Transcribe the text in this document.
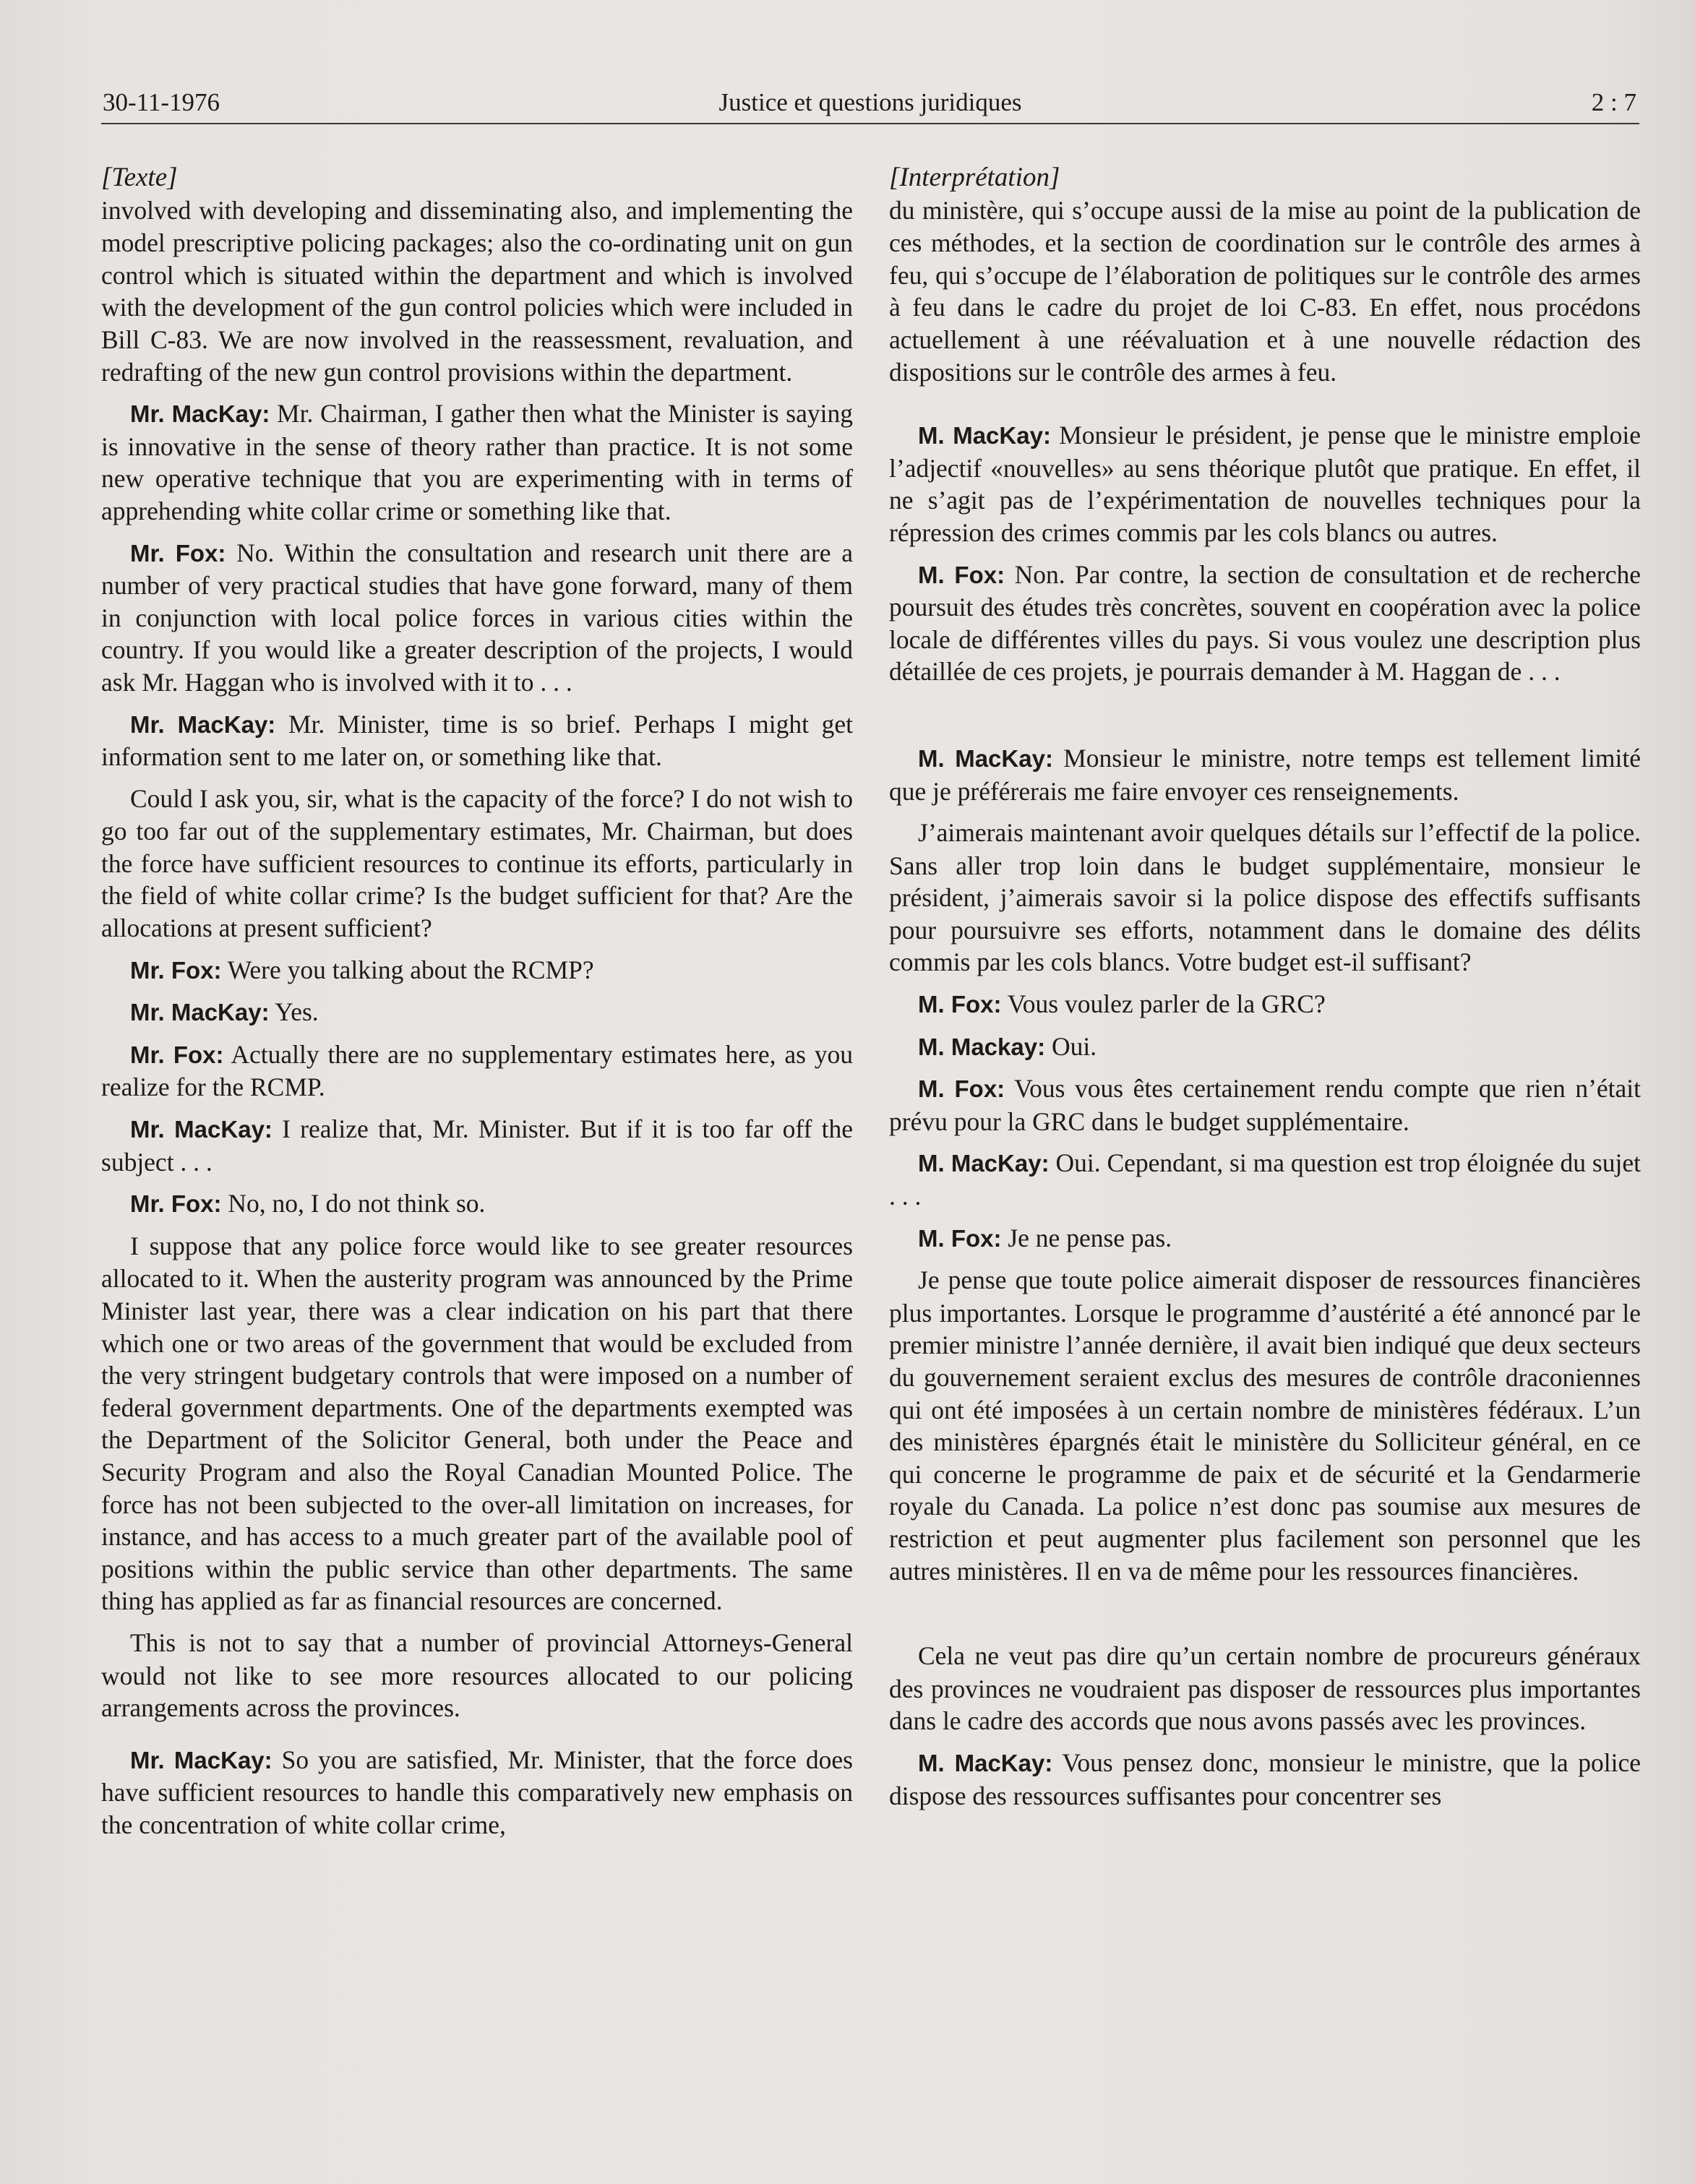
30-11-1976	Justice et questions juridiques	2 : 7
[Texte]

involved with developing and disseminating also, and implementing the model prescriptive policing packages; also the co-ordinating unit on gun control which is situated within the department and which is involved with the development of the gun control policies which were included in Bill C-83. We are now involved in the reassessment, revaluation, and redrafting of the new gun control provisions within the department.

Mr. MacKay: Mr. Chairman, I gather then what the Minister is saying is innovative in the sense of theory rather than practice. It is not some new operative technique that you are experimenting with in terms of apprehending white collar crime or something like that.

Mr. Fox: No. Within the consultation and research unit there are a number of very practical studies that have gone forward, many of them in conjunction with local police forces in various cities within the country. If you would like a greater description of the projects, I would ask Mr. Haggan who is involved with it to . . .

Mr. MacKay: Mr. Minister, time is so brief. Perhaps I might get information sent to me later on, or something like that.

Could I ask you, sir, what is the capacity of the force? I do not wish to go too far out of the supplementary estimates, Mr. Chairman, but does the force have sufficient resources to continue its efforts, particularly in the field of white collar crime? Is the budget sufficient for that? Are the allocations at present sufficient?

Mr. Fox: Were you talking about the RCMP?

Mr. MacKay: Yes.

Mr. Fox: Actually there are no supplementary estimates here, as you realize for the RCMP.

Mr. MacKay: I realize that, Mr. Minister. But if it is too far off the subject . . .

Mr. Fox: No, no, I do not think so.

I suppose that any police force would like to see greater resources allocated to it. When the austerity program was announced by the Prime Minister last year, there was a clear indication on his part that there which one or two areas of the government that would be excluded from the very stringent budgetary controls that were imposed on a number of federal government departments. One of the departments exempted was the Department of the Solicitor General, both under the Peace and Security Program and also the Royal Canadian Mounted Police. The force has not been subjected to the over-all limitation on increases, for instance, and has access to a much greater part of the available pool of positions within the public service than other departments. The same thing has applied as far as financial resources are concerned.

This is not to say that a number of provincial Attorneys-General would not like to see more resources allocated to our policing arrangements across the provinces.

Mr. MacKay: So you are satisfied, Mr. Minister, that the force does have sufficient resources to handle this comparatively new emphasis on the concentration of white collar crime,

[Interprétation]

du ministère, qui s’occupe aussi de la mise au point de la publication de ces méthodes, et la section de coordination sur le contrôle des armes à feu, qui s’occupe de l’élaboration de politiques sur le contrôle des armes à feu dans le cadre du projet de loi C-83. En effet, nous procédons actuellement à une réévaluation et à une nouvelle rédaction des dispositions sur le contrôle des armes à feu.

M. MacKay: Monsieur le président, je pense que le ministre emploie l’adjectif «nouvelles» au sens théorique plutôt que pratique. En effet, il ne s’agit pas de l’expérimentation de nouvelles techniques pour la répression des crimes commis par les cols blancs ou autres.

M. Fox: Non. Par contre, la section de consultation et de recherche poursuit des études très concrètes, souvent en coopération avec la police locale de différentes villes du pays. Si vous voulez une description plus détaillée de ces projets, je pourrais demander à M. Haggan de . . .

M. MacKay: Monsieur le ministre, notre temps est tellement limité que je préférerais me faire envoyer ces renseignements.

J’aimerais maintenant avoir quelques détails sur l’effectif de la police. Sans aller trop loin dans le budget supplémentaire, monsieur le président, j’aimerais savoir si la police dispose des effectifs suffisants pour poursuivre ses efforts, notamment dans le domaine des délits commis par les cols blancs. Votre budget est-il suffisant?

M. Fox: Vous voulez parler de la GRC?

M. Mackay: Oui.

M. Fox: Vous vous êtes certainement rendu compte que rien n’était prévu pour la GRC dans le budget supplémentaire.

M. MacKay: Oui. Cependant, si ma question est trop éloignée du sujet . . .

M. Fox: Je ne pense pas.

Je pense que toute police aimerait disposer de ressources financières plus importantes. Lorsque le programme d’austérité a été annoncé par le premier ministre l’année dernière, il avait bien indiqué que deux secteurs du gouvernement seraient exclus des mesures de contrôle draconiennes qui ont été imposées à un certain nombre de ministères fédéraux. L’un des ministères épargnés était le ministère du Solliciteur général, en ce qui concerne le programme de paix et de sécurité et la Gendarmerie royale du Canada. La police n’est donc pas soumise aux mesures de restriction et peut augmenter plus facilement son personnel que les autres ministères. Il en va de même pour les ressources financières.

Cela ne veut pas dire qu’un certain nombre de procureurs généraux des provinces ne voudraient pas disposer de ressources plus importantes dans le cadre des accords que nous avons passés avec les provinces.

M. MacKay: Vous pensez donc, monsieur le ministre, que la police dispose des ressources suffisantes pour concentrer ses
